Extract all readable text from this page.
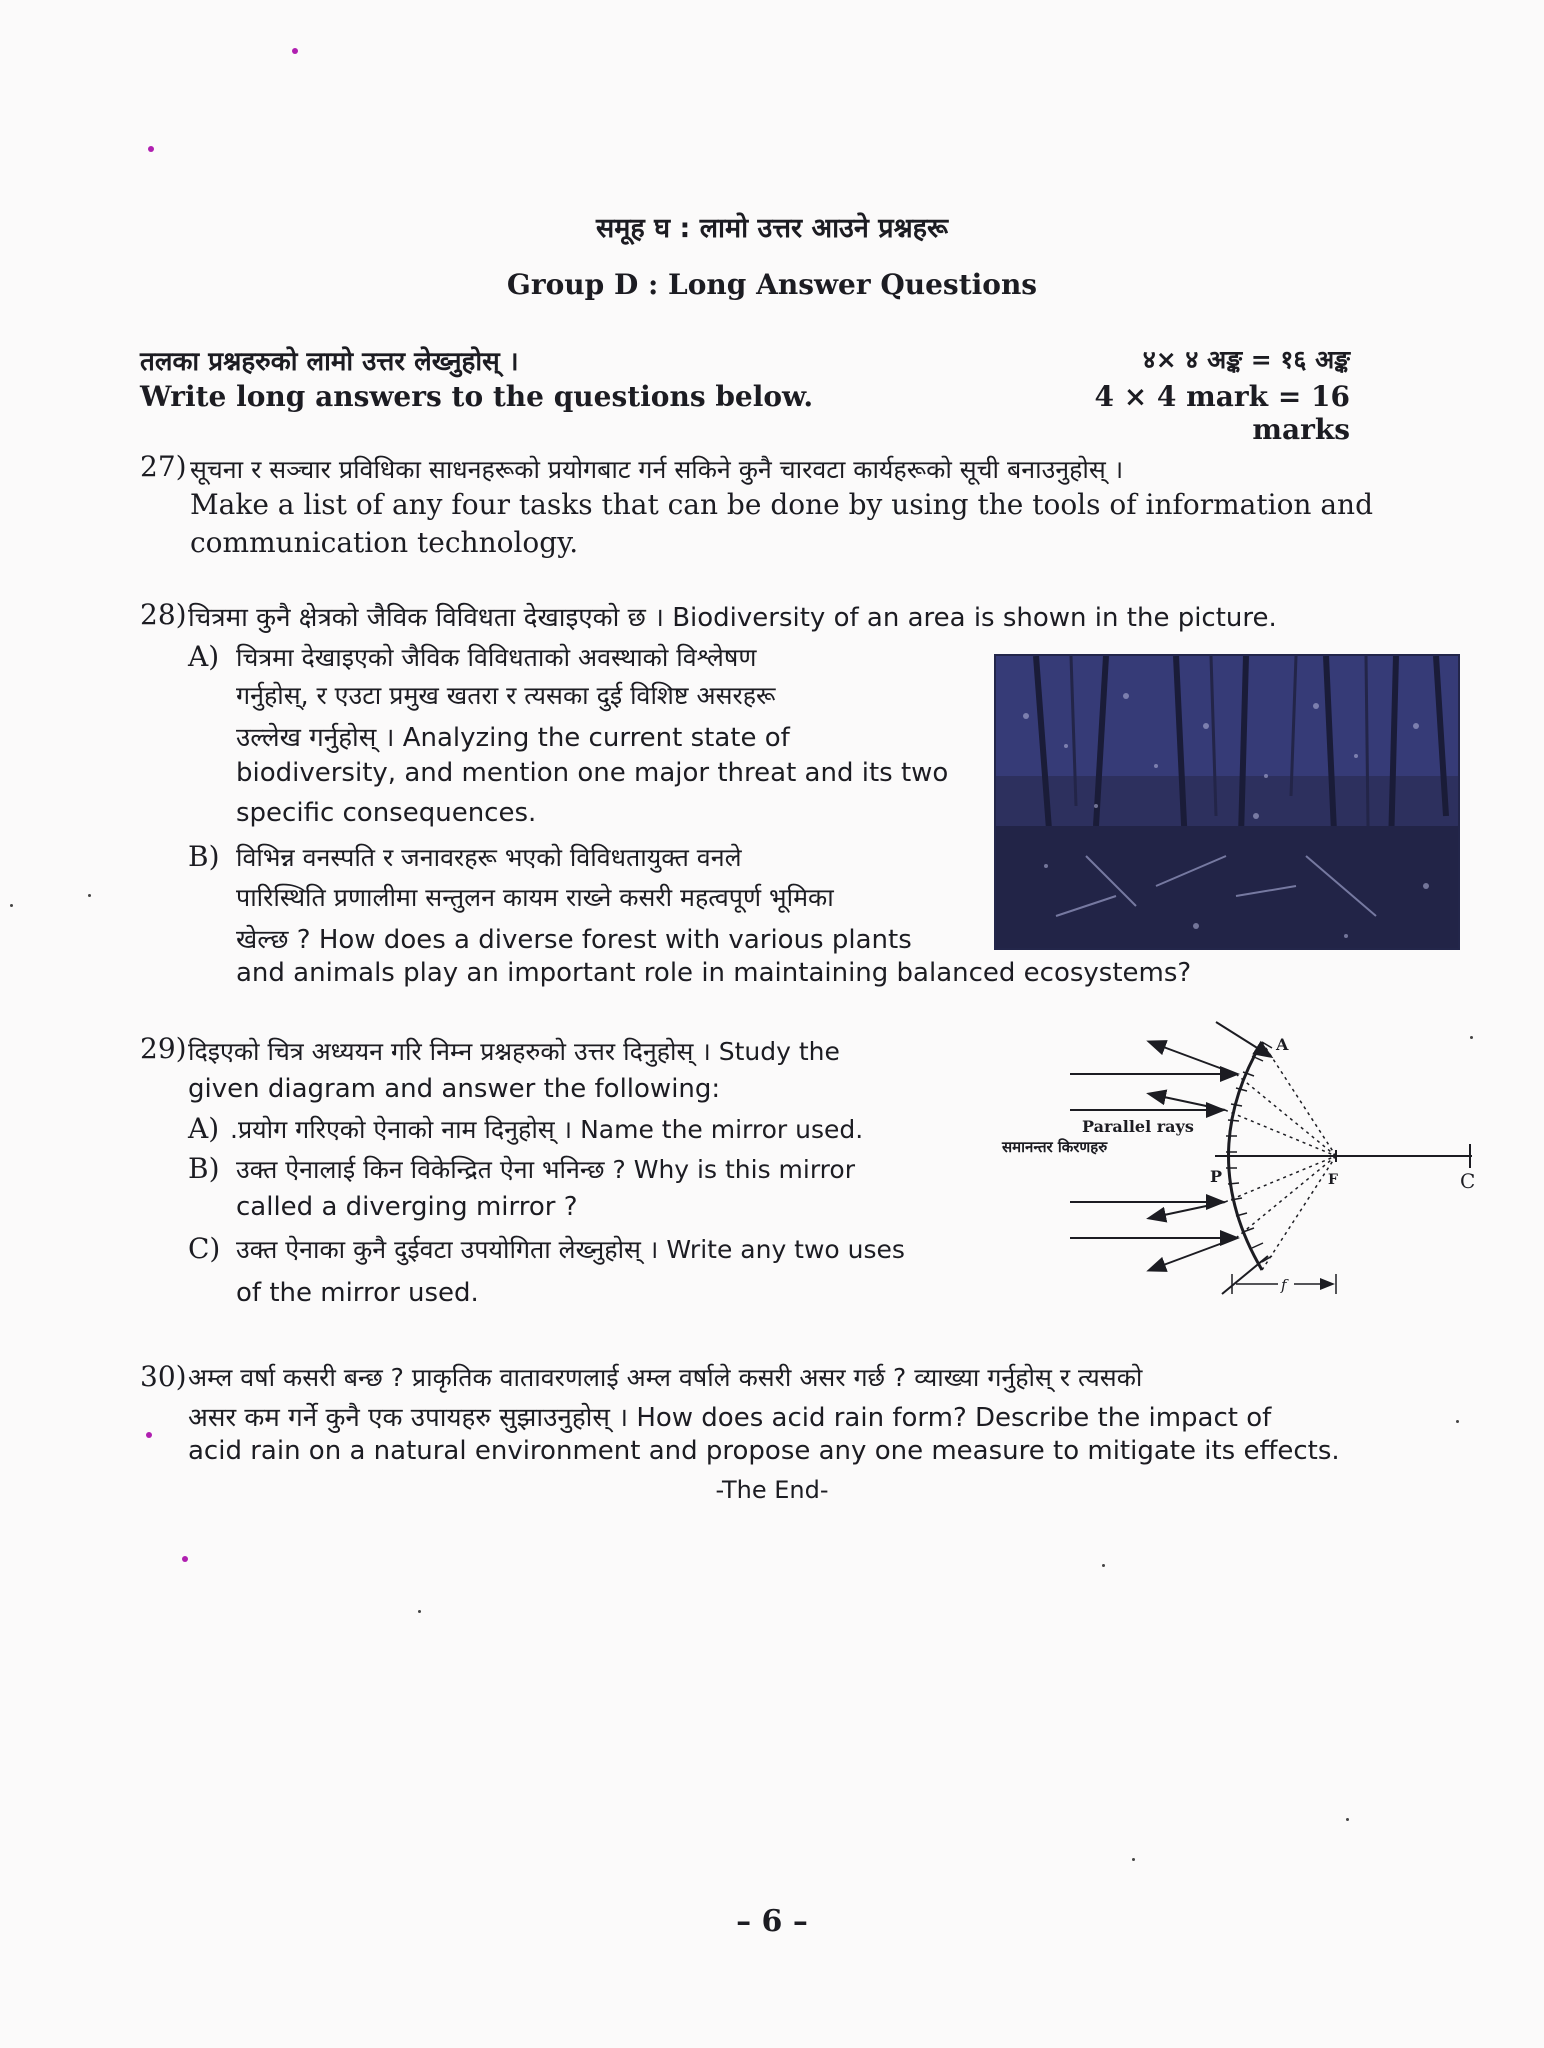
समूह घ : लामो उत्तर आउने प्रश्नहरू
Group D : Long Answer Questions
तलका प्रश्नहरुको लामो उत्तर लेख्नुहोस् ।
Write long answers to the questions below.
४× ४ अङ्क = १६ अङ्क
4 × 4 mark = 16 marks
27) सूचना र सञ्चार प्रविधिका साधनहरूको प्रयोगबाट गर्न सकिने कुनै चारवटा कार्यहरूको सूची बनाउनुहोस् ।
Make a list of any four tasks that can be done by using the tools of information and
communication technology.
28) चित्रमा कुनै क्षेत्रको जैविक विविधता देखाइएको छ । Biodiversity of an area is shown in the picture.
A) चित्रमा देखाइएको जैविक विविधताको अवस्थाको विश्लेषण
गर्नुहोस्, र एउटा प्रमुख खतरा र त्यसका दुई विशिष्ट असरहरू
उल्लेख गर्नुहोस् । Analyzing the current state of
biodiversity, and mention one major threat and its two
specific consequences.
B) विभिन्न वनस्पति र जनावरहरू भएको विविधतायुक्त वनले
पारिस्थिति प्रणालीमा सन्तुलन कायम राख्ने कसरी महत्वपूर्ण भूमिका
खेल्छ ? How does a diverse forest with various plants
and animals play an important role in maintaining balanced ecosystems?
29) दिइएको चित्र अध्ययन गरि निम्न प्रश्नहरुको उत्तर दिनुहोस् । Study the
given diagram and answer the following:
A) .प्रयोग गरिएको ऐनाको नाम दिनुहोस् । Name the mirror used.
B) उक्त ऐनालाई किन विकेन्द्रित ऐना भनिन्छ ? Why is this mirror
called a diverging mirror ?
C) उक्त ऐनाका कुनै दुईवटा उपयोगिता लेख्नुहोस् । Write any two uses
of the mirror used.
A
Parallel rays
समानन्तर किरणहरु
P	F	C
f
30) अम्ल वर्षा कसरी बन्छ ? प्राकृतिक वातावरणलाई अम्ल वर्षाले कसरी असर गर्छ ? व्याख्या गर्नुहोस् र त्यसको
असर कम गर्ने कुनै एक उपायहरु सुझाउनुहोस् । How does acid rain form? Describe the impact of
acid rain on a natural environment and propose any one measure to mitigate its effects.
-The End-
– 6 –
